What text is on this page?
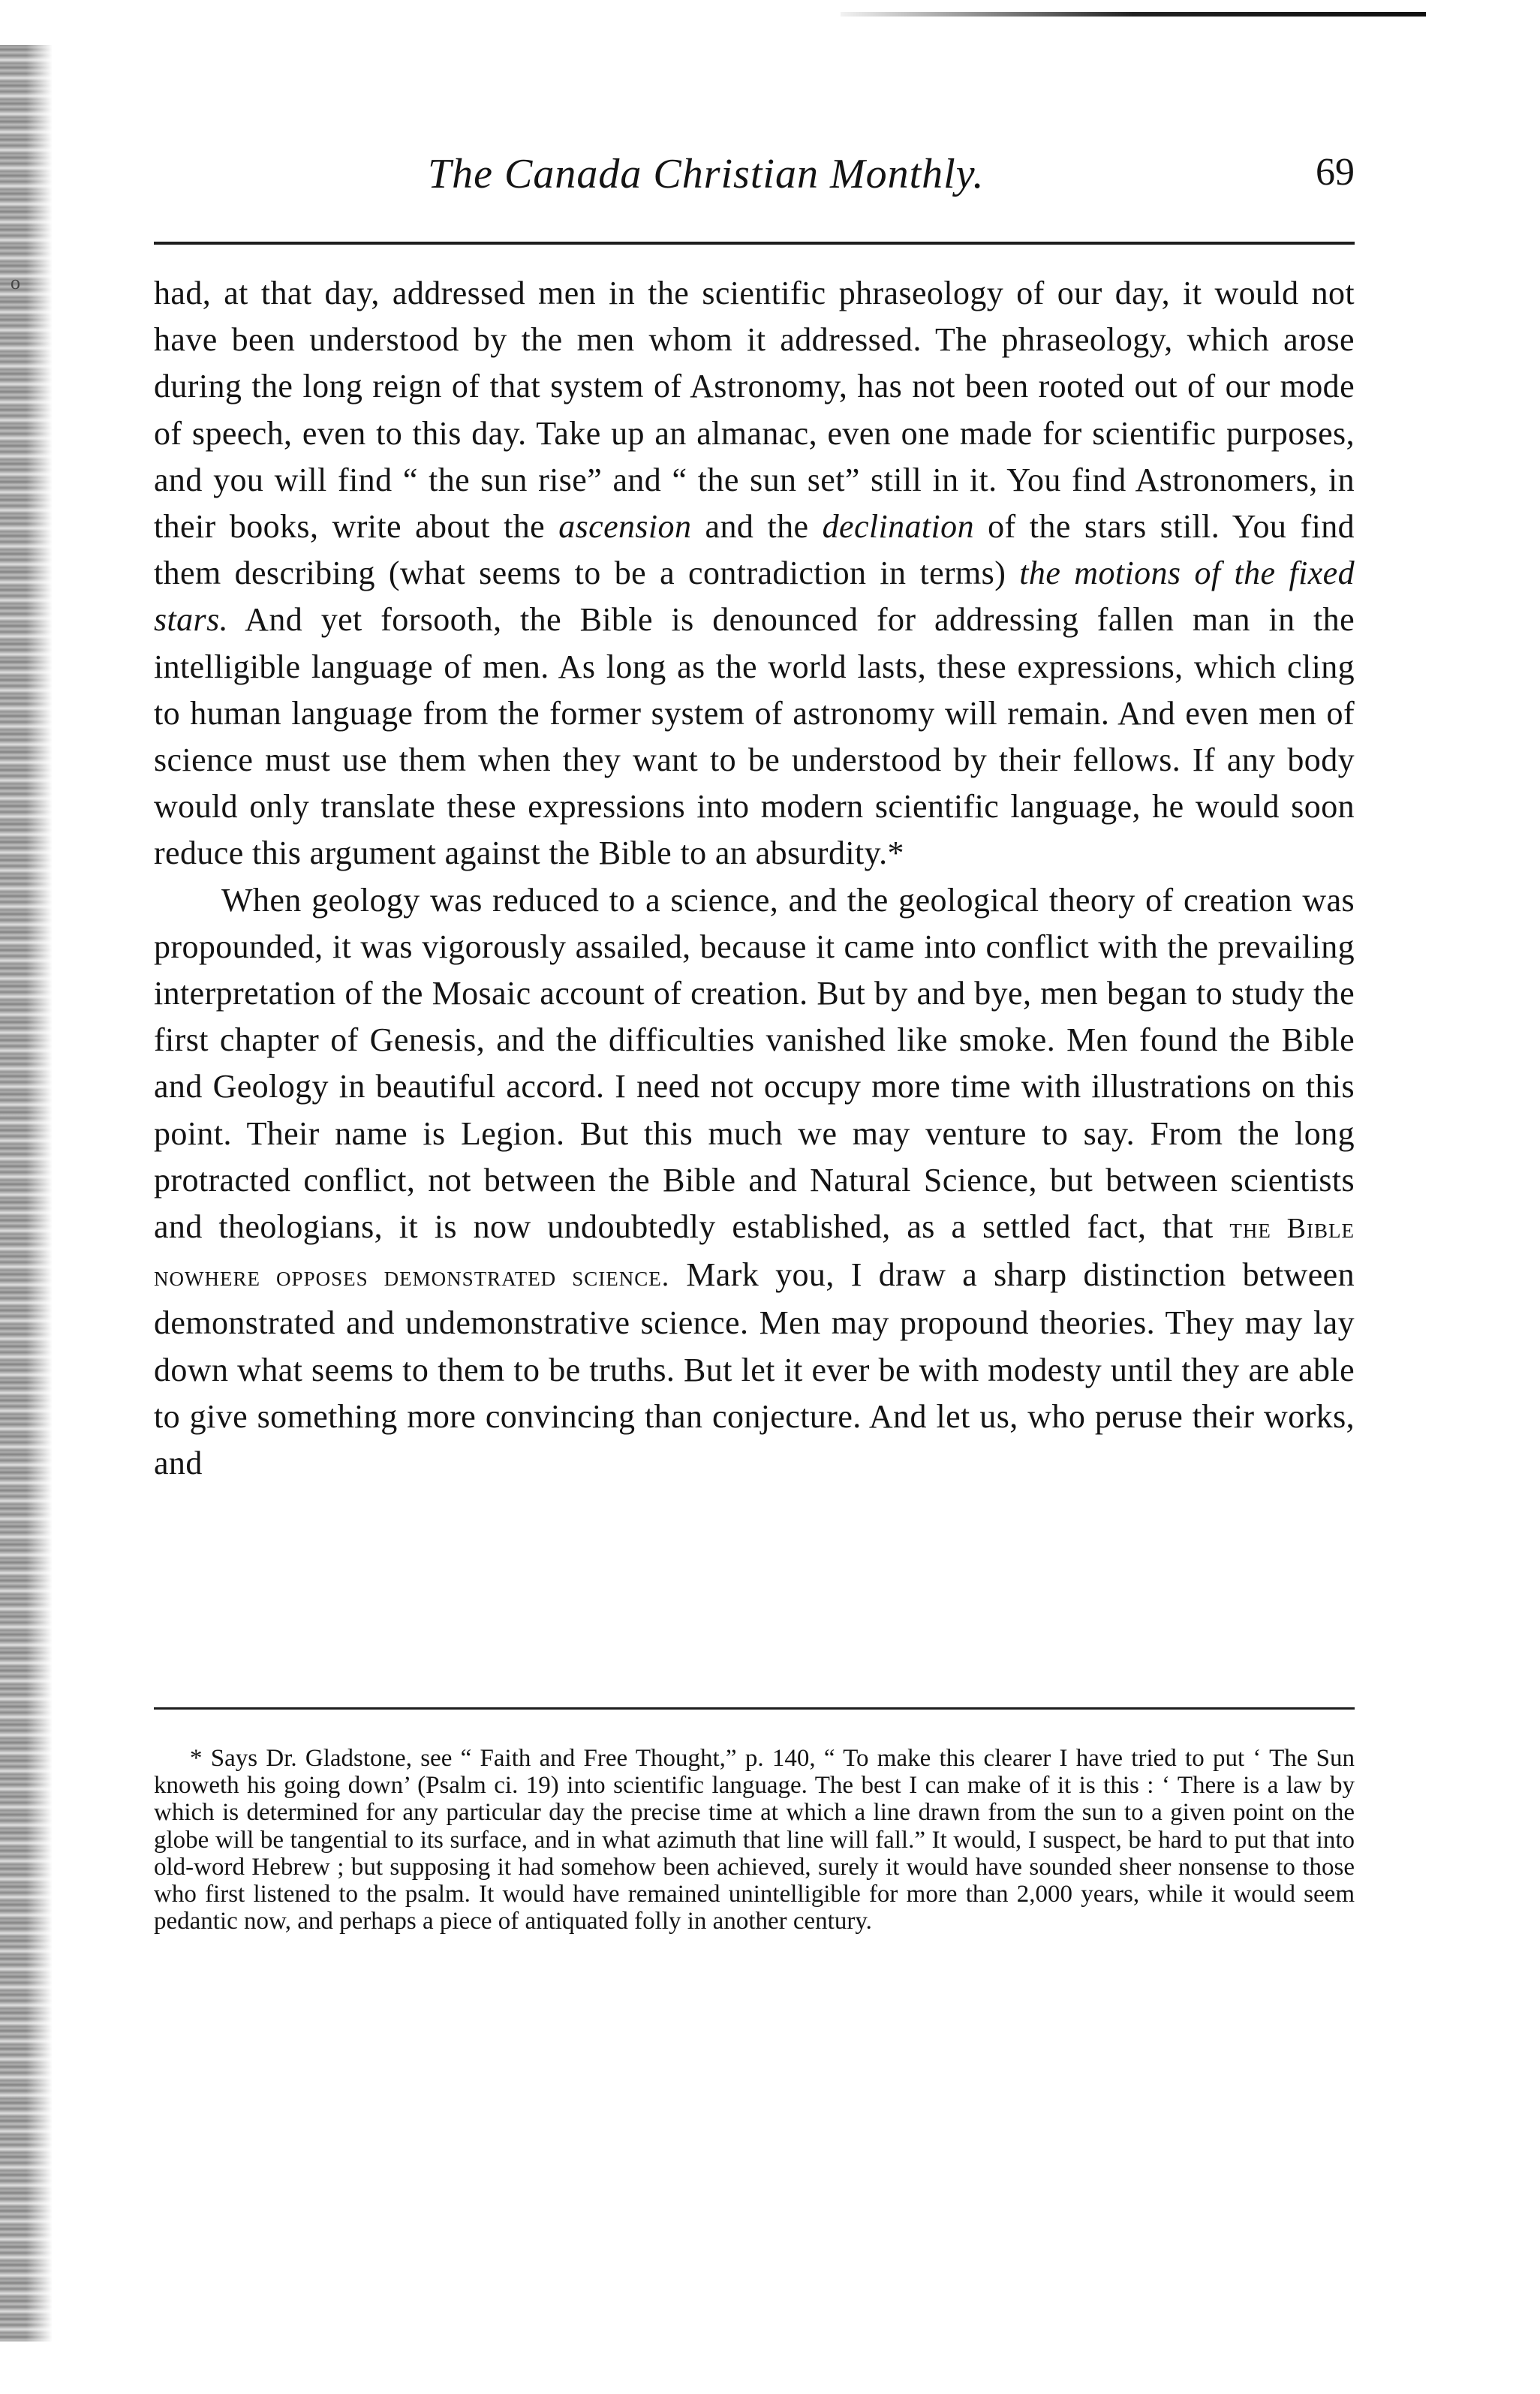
o
The Canada Christian Monthly.	69

had, at that day, addressed men in the scientific phraseology of our day, it would not have been understood by the men whom it addressed. The phraseology, which arose during the long reign of that system of Astronomy, has not been rooted out of our mode of speech, even to this day. Take up an almanac, even one made for scientific purposes, and you will find “ the sun rise” and “ the sun set” still in it. You find Astronomers, in their books, write about the ascension and the declination of the stars still. You find them describing (what seems to be a contradiction in terms) the motions of the fixed stars. And yet forsooth, the Bible is denounced for addressing fallen man in the intelligible language of men. As long as the world lasts, these expressions, which cling to human language from the former system of astronomy will remain. And even men of science must use them when they want to be understood by their fellows. If any body would only translate these expressions into modern scientific language, he would soon reduce this argument against the Bible to an absurdity.*

When geology was reduced to a science, and the geological theory of creation was propounded, it was vigorously assailed, because it came into conflict with the prevailing interpretation of the Mosaic account of creation. But by and bye, men began to study the first chapter of Genesis, and the difficulties vanished like smoke. Men found the Bible and Geology in beautiful accord. I need not occupy more time with illustrations on this point. Their name is Legion. But this much we may venture to say. From the long protracted conflict, not between the Bible and Natural Science, but between scientists and theologians, it is now undoubtedly established, as a settled fact, that the Bible nowhere opposes demonstrated science. Mark you, I draw a sharp distinction between demonstrated and undemonstrative science. Men may propound theories. They may lay down what seems to them to be truths. But let it ever be with modesty until they are able to give something more convincing than conjecture. And let us, who peruse their works, and

* Says Dr. Gladstone, see “ Faith and Free Thought,” p. 140, “ To make this clearer I have tried to put ‘ The Sun knoweth his going down’ (Psalm ci. 19) into scientific language. The best I can make of it is this : ‘ There is a law by which is determined for any particular day the precise time at which a line drawn from the sun to a given point on the globe will be tangential to its surface, and in what azimuth that line will fall.” It would, I suspect, be hard to put that into old-word Hebrew ; but supposing it had somehow been achieved, surely it would have sounded sheer nonsense to those who first listened to the psalm. It would have remained unintelligible for more than 2,000 years, while it would seem pedantic now, and perhaps a piece of antiquated folly in another century.
